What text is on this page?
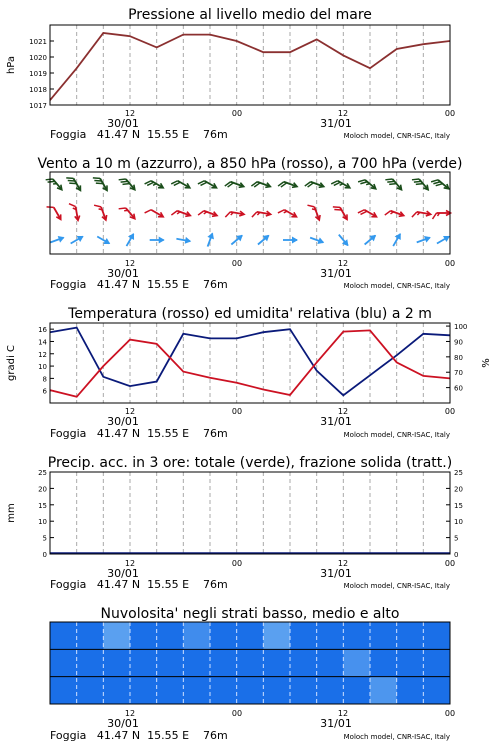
Pressione al livello medio del mare
hPa
1017
1018
1019
1020
1021
12	00	12	00
30/01	31/01
Foggia   41.47 N  15.55 E    76m	Moloch model, CNR-ISAC, Italy
Vento a 10 m (azzurro), a 850 hPa (rosso), a 700 hPa (verde)
12	00	12	00
30/01	31/01
Foggia   41.47 N  15.55 E    76m	Moloch model, CNR-ISAC, Italy
Temperatura (rosso) ed umidita' relativa (blu) a 2 m
gradi C	%
6
8
10
12
14
16
60
70
80
90
100
12	00	12	00
30/01	31/01
Foggia   41.47 N  15.55 E    76m	Moloch model, CNR-ISAC, Italy
Precip. acc. in 3 ore: totale (verde), frazione solida (tratt.)
mm
0
5
10
15
20
25
0
5
10
15
20
25
12	00	12	00
30/01	31/01
Foggia   41.47 N  15.55 E    76m	Moloch model, CNR-ISAC, Italy
Nuvolosita' negli strati basso, medio e alto
12	00	12	00
30/01	31/01
Foggia   41.47 N  15.55 E    76m	Moloch model, CNR-ISAC, Italy
